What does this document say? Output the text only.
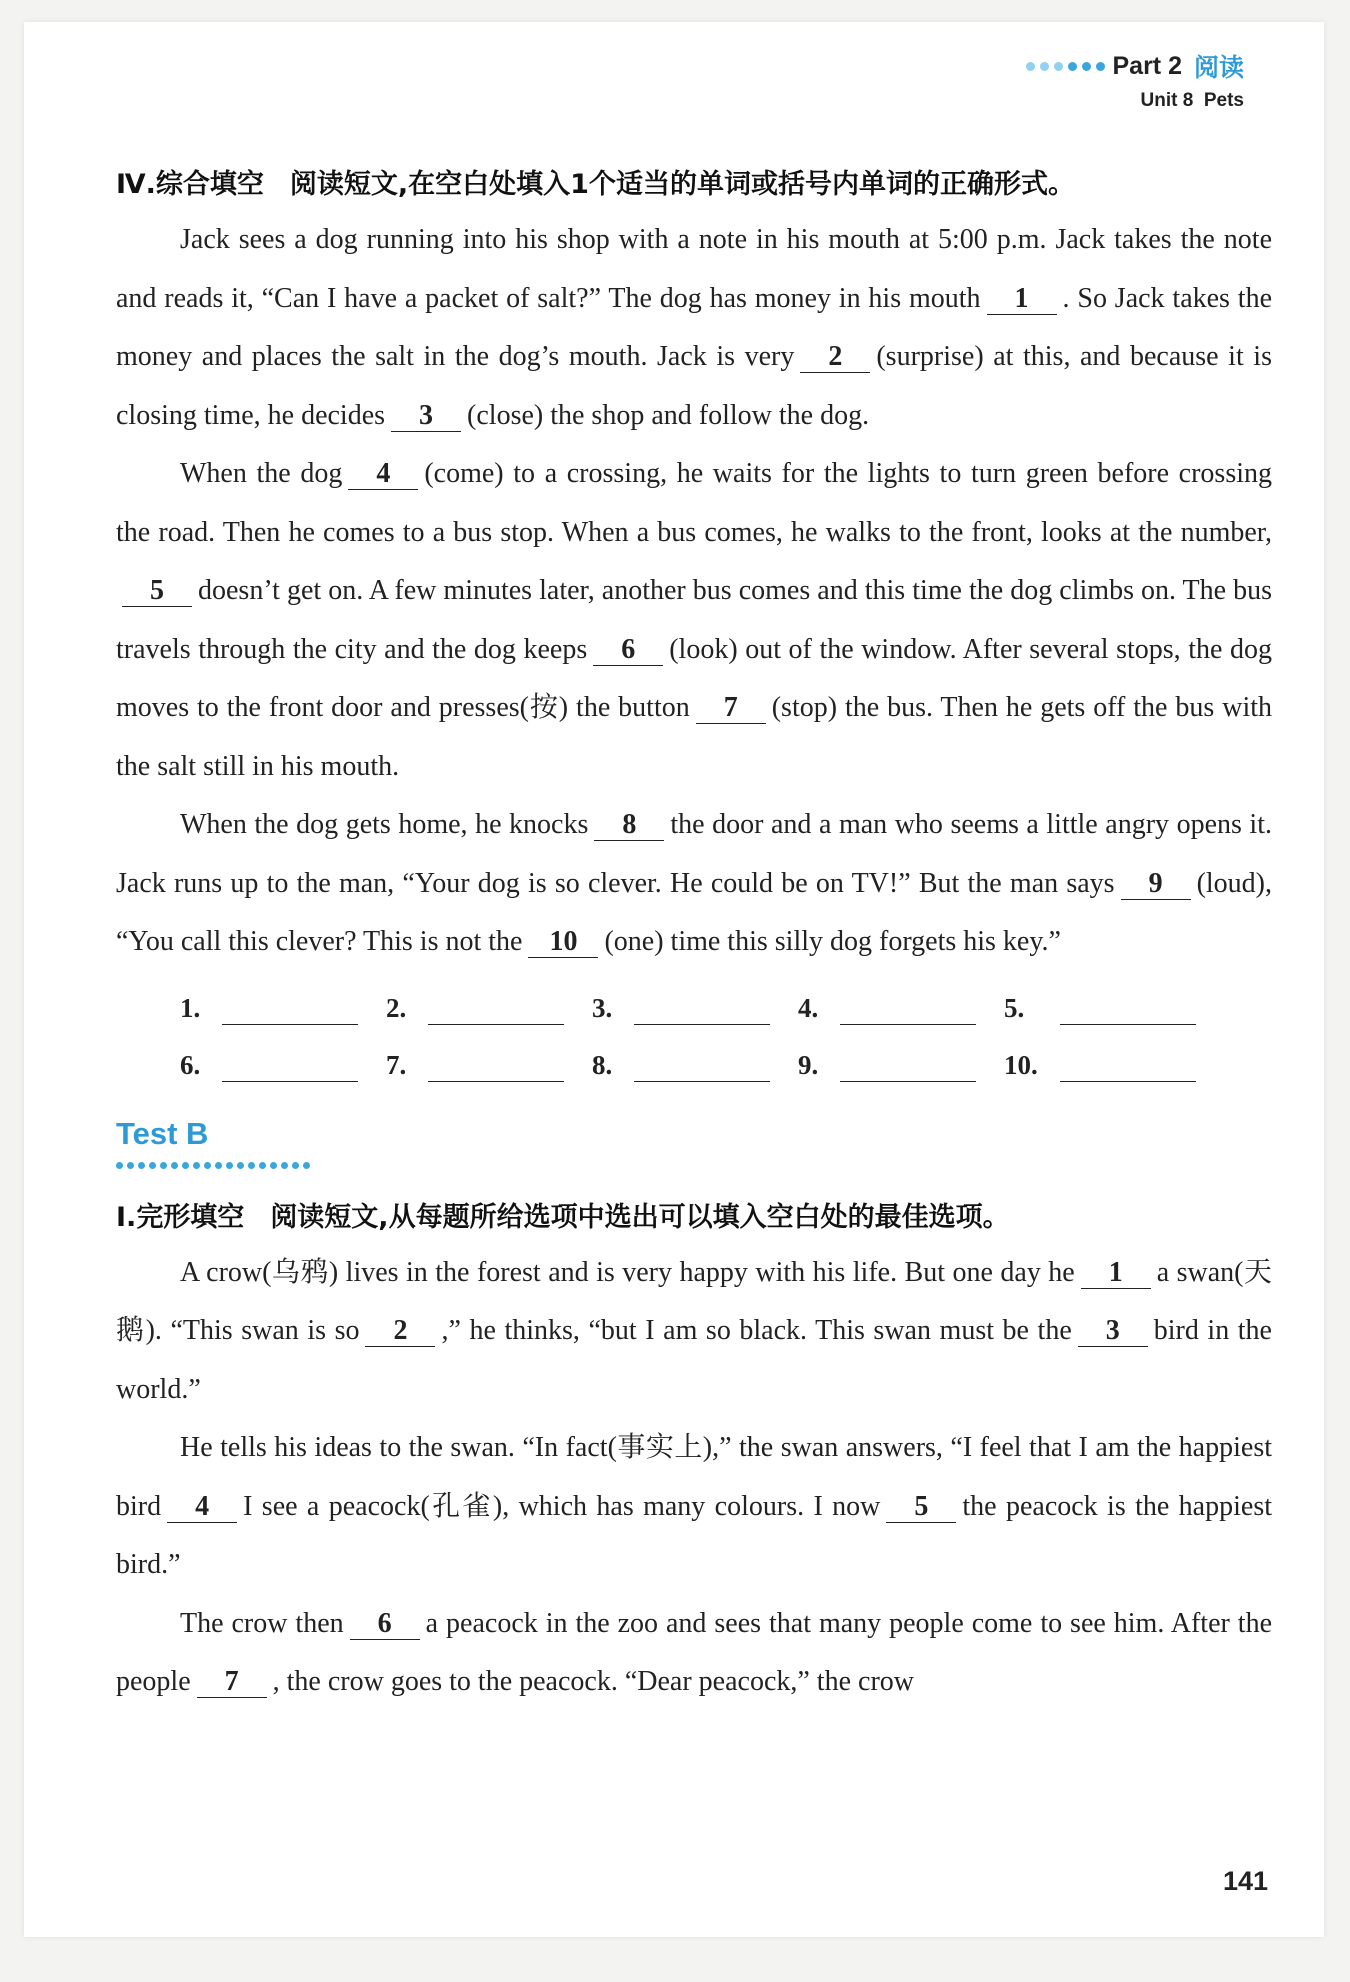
Part 2 阅读
Unit 8 Pets
Ⅳ.综合填空 阅读短文,在空白处填入1个适当的单词或括号内单词的正确形式。

Jack sees a dog running into his shop with a note in his mouth at 5:00 p.m. Jack takes the note and reads it, “Can I have a packet of salt?” The dog has money in his mouth 1 . So Jack takes the money and places the salt in the dog’s mouth. Jack is very 2 (surprise) at this, and because it is closing time, he decides 3 (close) the shop and follow the dog.

When the dog 4 (come) to a crossing, he waits for the lights to turn green before crossing the road. Then he comes to a bus stop. When a bus comes, he walks to the front, looks at the number,5 doesn’t get on. A few minutes later, another bus comes and this time the dog climbs on. The bus travels through the city and the dog keeps 6 (look) out of the window. After several stops, the dog moves to the front door and presses(按) the button 7 (stop) the bus. Then he gets off the bus with the salt still in his mouth.

When the dog gets home, he knocks 8 the door and a man who seems a little angry opens it. Jack runs up to the man, “Your dog is so clever. He could be on TV!” But the man says 9 (loud), “You call this clever? This is not the 10 (one) time this silly dog forgets his key.”

1.	2.	3.	4.	5.
6.	7.	8.	9.	10.
Test B
Ⅰ.完形填空 阅读短文,从每题所给选项中选出可以填入空白处的最佳选项。

A crow(乌鸦) lives in the forest and is very happy with his life. But one day he 1 a swan(天鹅). “This swan is so 2 ,” he thinks, “but I am so black. This swan must be the 3 bird in the world.”

He tells his ideas to the swan. “In fact(事实上),” the swan answers, “I feel that I am the happiest bird 4 I see a peacock(孔雀), which has many colours. I now 5 the peacock is the happiest bird.”

The crow then 6 a peacock in the zoo and sees that many people come to see him. After the people 7 , the crow goes to the peacock. “Dear peacock,” the crow

141
